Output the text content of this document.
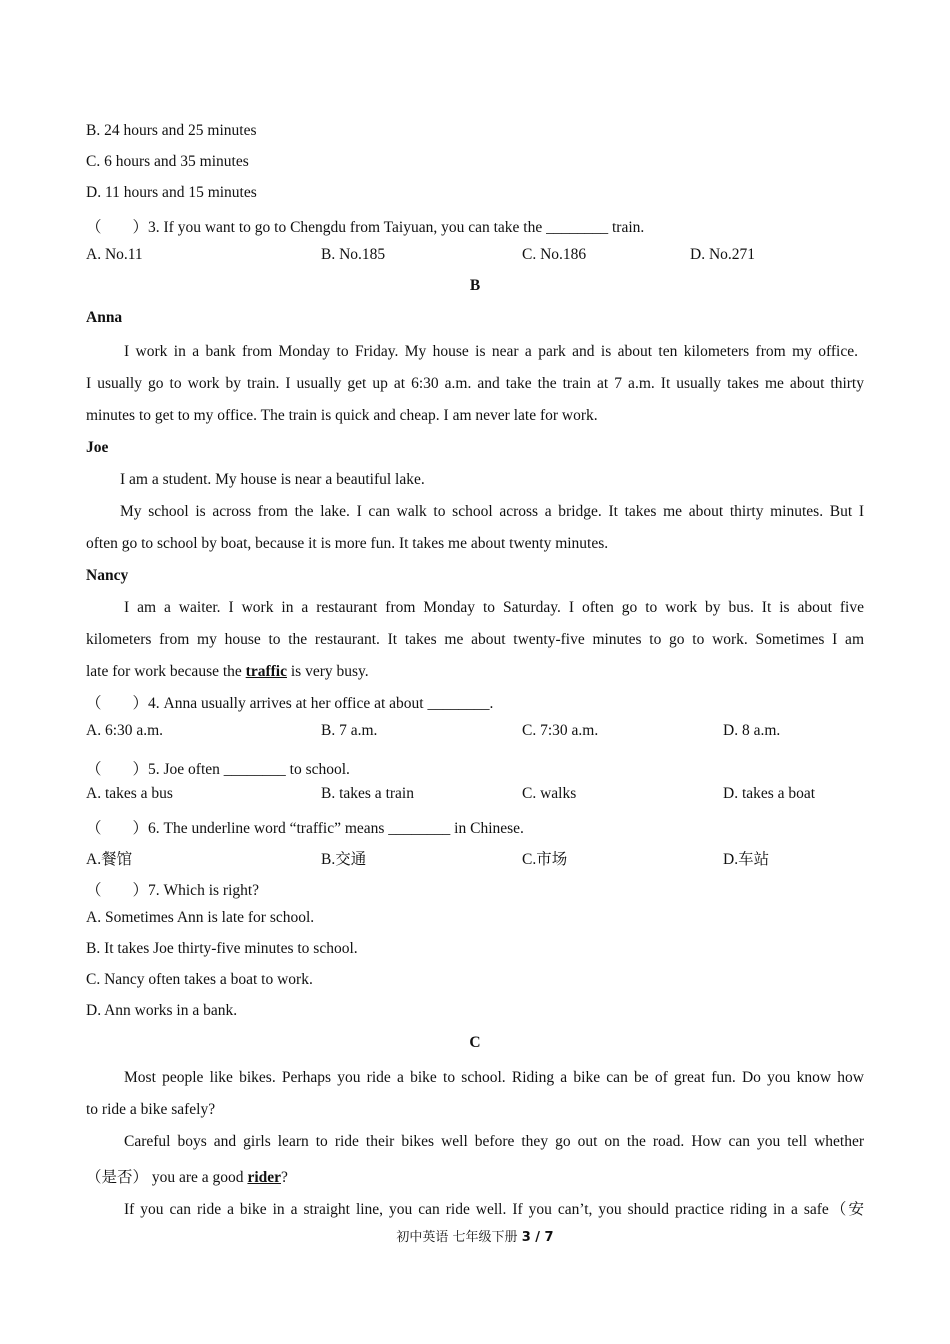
B. 24 hours and 25 minutes
C. 6 hours and 35 minutes
D. 11 hours and 15 minutes
（　　）3. If you want to go to Chengdu from Taiyuan, you can take the ________ train.
A. No.11	B. No.185	C. No.186	D. No.271
B
Anna
I work in a bank from Monday to Friday. My house is near a park and is about ten kilometers from my office.
I usually go to work by train. I usually get up at 6:30 a.m. and take the train at 7 a.m. It usually takes me about thirty
minutes to get to my office. The train is quick and cheap. I am never late for work.
Joe
I am a student. My house is near a beautiful lake.
My school is across from the lake. I can walk to school across a bridge. It takes me about thirty minutes. But I
often go to school by boat, because it is more fun. It takes me about twenty minutes.
Nancy
I am a waiter. I work in a restaurant from Monday to Saturday. I often go to work by bus. It is about five
kilometers from my house to the restaurant. It takes me about twenty-five minutes to go to work. Sometimes I am
late for work because the traffic is very busy.
（　　）4. Anna usually arrives at her office at about ________.
A. 6:30 a.m.	B. 7 a.m.	C. 7:30 a.m.	D. 8 a.m.
（　　）5. Joe often ________ to school.
A. takes a bus	B. takes a train	C. walks	D. takes a boat
（　　）6. The underline word “traffic” means ________ in Chinese.
A.餐馆	B.交通	C.市场	D.车站
（　　）7. Which is right?
A. Sometimes Ann is late for school.
B. It takes Joe thirty-five minutes to school.
C. Nancy often takes a boat to work.
D. Ann works in a bank.
C
Most people like bikes. Perhaps you ride a bike to school. Riding a bike can be of great fun. Do you know how
to ride a bike safely?
Careful boys and girls learn to ride their bikes well before they go out on the road. How can you tell whether
（是否） you are a good rider?
If you can ride a bike in a straight line, you can ride well. If you can’t, you should practice riding in a safe（安
初中英语 七年级下册 3 / 7
